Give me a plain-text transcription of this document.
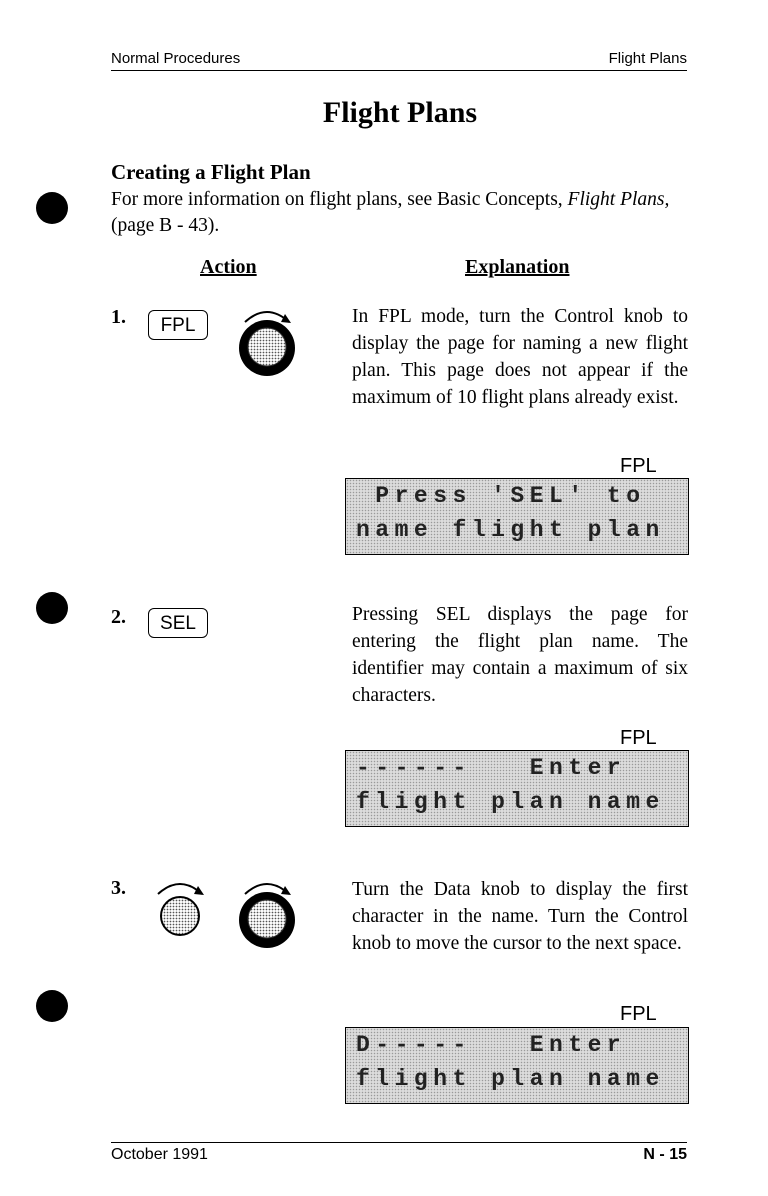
Normal Procedures	Flight Plans
Flight Plans
Creating a Flight Plan
For more information on flight plans, see Basic Concepts, Flight Plans, (page B - 43).
Action	Explanation
1.	FPL	In FPL mode, turn the Control knob to display the page for naming a new flight plan. This page does not appear if the maximum of 10 flight plans already exist.
FPL
Press 'SEL' to
name flight plan
2.	SEL	Pressing SEL displays the page for entering the flight plan name. The identifier may contain a maximum of six characters.
FPL
------   Enter
flight plan name
3.	Turn the Data knob to display the first character in the name. Turn the Control knob to move the cursor to the next space.
FPL
D-----   Enter
flight plan name
October 1991	N - 15
